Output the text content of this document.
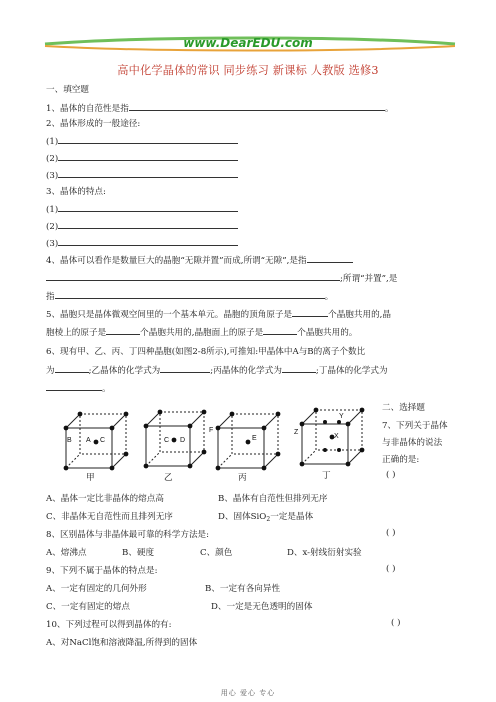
www.DearEDU.com
高中化学晶体的常识 同步练习 新课标 人教版 选修3
一、填空题
1、晶体的自范性是指	。
2、晶体形成的一般途径:
(1)
(2)
(3)
3、晶体的特点:
(1)
(2)
(3)
4、晶体可以看作是数量巨大的晶胞“无隙并置”而成,所谓“无隙”,是指
;所谓“并置”,是
指	。
5、晶胞只是晶体微观空间里的一个基本单元。晶胞的顶角原子是	个晶胞共用的,晶
胞棱上的原子是	个晶胞共用的,晶胞面上的原子是	个晶胞共用的。
6、现有甲、乙、丙、丁四种晶胞(如图2-8所示),可推知:甲晶体中A与B的离子个数比
为	;乙晶体的化学式为	;丙晶体的化学式为	;丁晶体的化学式为
。
B A C	C D
F
E
Z
X
Y
甲	乙	丙	丁
二、选择题
7、下列关于晶体
与非晶体的说法
正确的是:
( )
A、晶体一定比非晶体的熔点高	B、晶体有自范性但排列无序
C、非晶体无自范性而且排列无序	D、固体SiO$_2$一定是晶体
8、区别晶体与非晶体最可靠的科学方法是:	( )
A、熔沸点	B、硬度	C、颜色	D、x-射线衍射实验
9、下列不属于晶体的特点是:	( )
A、一定有固定的几何外形	B、一定有各向异性
C、一定有固定的熔点	D、一定是无色透明的固体
10、下列过程可以得到晶体的有:	( )
A、对NaCl饱和溶液降温,所得到的固体
用心 爱心 专心
